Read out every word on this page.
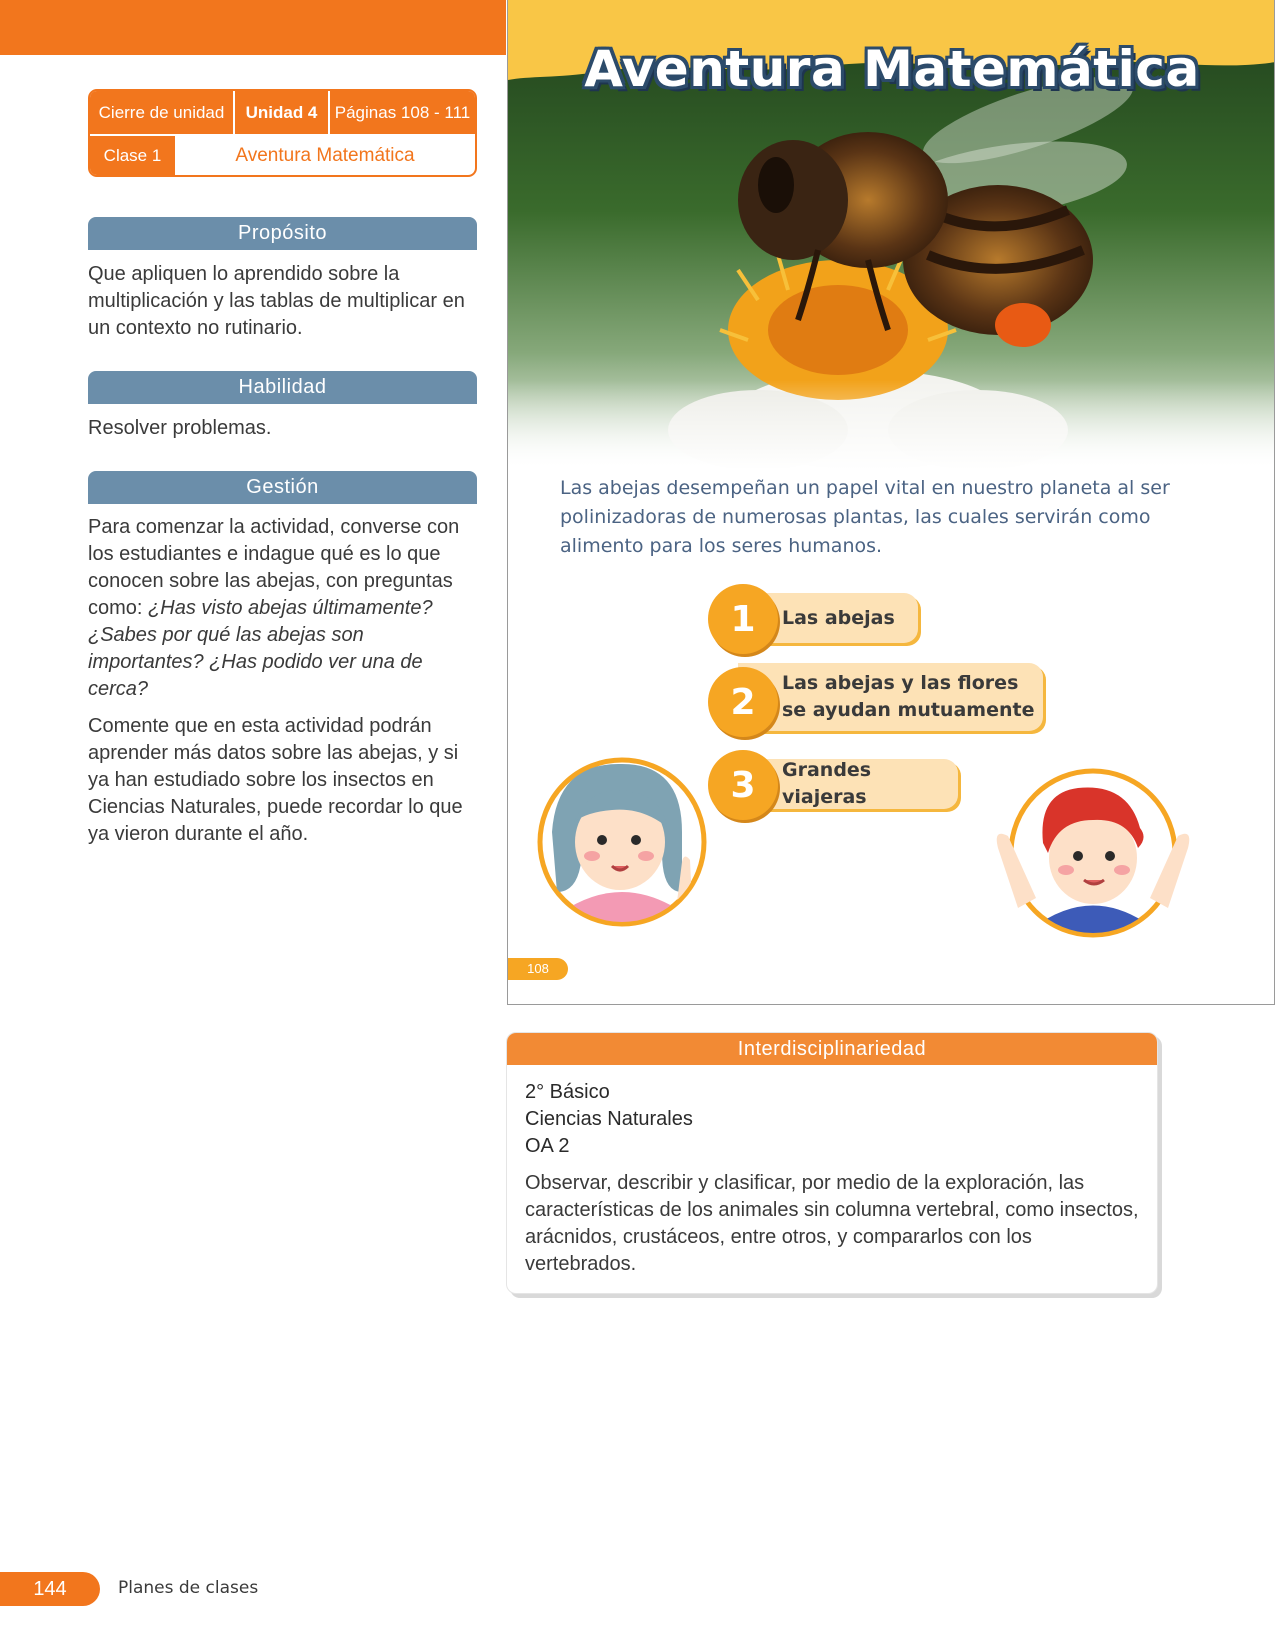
Cierre de unidad	Unidad 4	Páginas 108 - 111
Clase 1	Aventura Matemática
Propósito

Que apliquen lo aprendido sobre la multiplicación y las tablas de multiplicar en un contexto no rutinario.

Habilidad

Resolver problemas.

Gestión

Para comenzar la actividad, converse con los estudiantes e indague qué es lo que conocen sobre las abejas, con preguntas como: ¿Has visto abejas últimamente? ¿Sabes por qué las abejas son importantes? ¿Has podido ver una de cerca?

Comente que en esta actividad podrán aprender más datos sobre las abejas, y si ya han estudiado sobre los insectos en Ciencias Naturales, puede recordar lo que ya vieron durante el año.

Aventura Matemática

Las abejas desempeñan un papel vital en nuestro planeta al ser polinizadoras de numerosas plantas, las cuales servirán como alimento para los seres humanos.

Las abejas
1
Las abejas y las flores se ayudan mutuamente
2
Grandes viajeras
3
108
Interdisciplinariedad
2° Básico
Ciencias Naturales
OA 2

Observar, describir y clasificar, por medio de la exploración, las características de los animales sin columna vertebral, como insectos, arácnidos, crustáceos, entre otros, y compararlos con los vertebrados.

144	Planes de clases
